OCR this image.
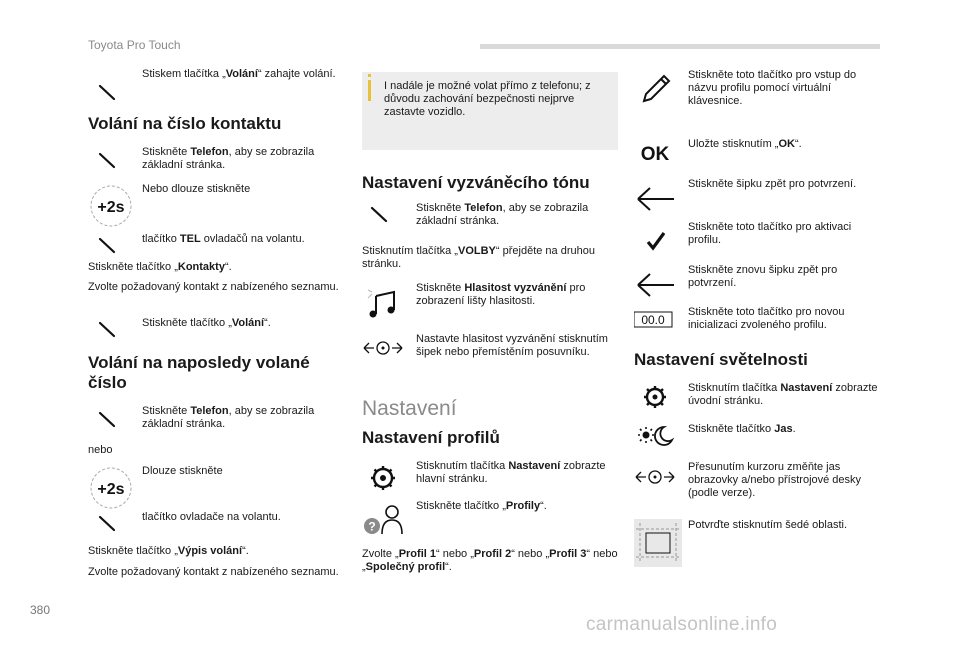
Toyota Pro Touch
Stiskem tlačítka „Volání“ zahajte volání.
Volání na číslo kontaktu
Stiskněte Telefon, aby se zobrazila základní stránka.
+2s
Nebo dlouze stiskněte
tlačítko TEL ovladačů na volantu.
Stiskněte tlačítko „Kontakty“.
Zvolte požadovaný kontakt z nabízeného seznamu.
Stiskněte tlačítko „Volání“.
Volání na naposledy volané číslo
Stiskněte Telefon, aby se zobrazila základní stránka.
nebo
+2s
Dlouze stiskněte
tlačítko ovladače na volantu.
Stiskněte tlačítko „Výpis volání“.
Zvolte požadovaný kontakt z nabízeného seznamu.
I nadále je možné volat přímo z telefonu; z důvodu zachování bezpečnosti nejprve zastavte vozidlo.
Nastavení vyzváněcího tónu
Stiskněte Telefon, aby se zobrazila základní stránka.
Stisknutím tlačítka „VOLBY“ přejděte na druhou stránku.
Stiskněte Hlasitost vyzvánění pro zobrazení lišty hlasitosti.
Nastavte hlasitost vyzvánění stisknutím šipek nebo přemístěním posuvníku.
Nastavení
Nastavení profilů
Stisknutím tlačítka Nastavení zobrazte hlavní stránku.
?
Stiskněte tlačítko „Profily“.
Zvolte „Profil 1“ nebo „Profil 2“ nebo „Profil 3“ nebo „Společný profil“.
Stiskněte toto tlačítko pro vstup do názvu profilu pomocí virtuální klávesnice.
OK Uložte stisknutím „OK“.
Stiskněte šipku zpět pro potvrzení.
Stiskněte toto tlačítko pro aktivaci profilu.
Stiskněte znovu šipku zpět pro potvrzení.
00.0
Stiskněte toto tlačítko pro novou inicializaci zvoleného profilu.
Nastavení světelnosti
Stisknutím tlačítka Nastavení zobrazte úvodní stránku.
Stiskněte tlačítko Jas.
Přesunutím kurzoru změňte jas obrazovky a/nebo přístrojové desky (podle verze).
Potvrďte stisknutím šedé oblasti.
380
carmanualsonline.info
